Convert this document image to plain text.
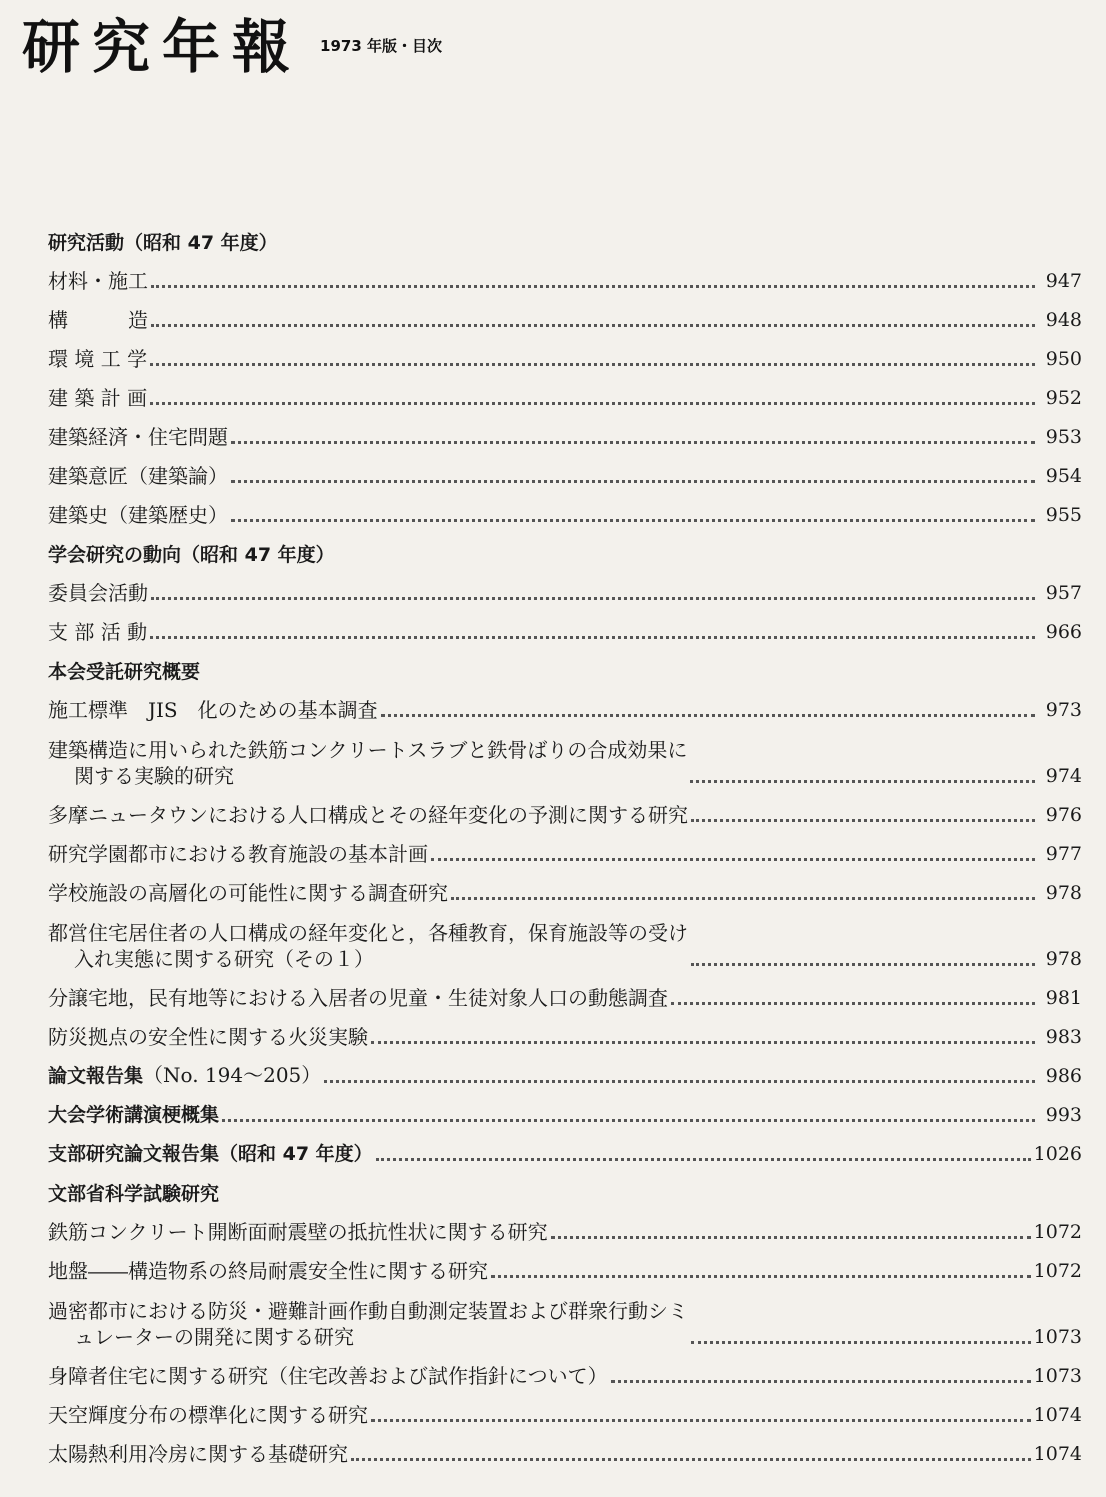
研究年報 1973 年版・目次
研究活動（昭和 47 年度）
材料・施工	947
構　　　造	948
環 境 工 学	950
建 築 計 画	952
建築経済・住宅問題	953
建築意匠（建築論）	954
建築史（建築歴史）	955
学会研究の動向（昭和 47 年度）
委員会活動	957
支 部 活 動	966
本会受託研究概要
施工標準　JIS　化のための基本調査	973
建築構造に用いられた鉄筋コンクリートスラブと鉄骨ばりの合成効果に
関する実験的研究	974
多摩ニュータウンにおける人口構成とその経年変化の予測に関する研究	976
研究学園都市における教育施設の基本計画	977
学校施設の高層化の可能性に関する調査研究	978
都営住宅居住者の人口構成の経年変化と，各種教育，保育施設等の受け
入れ実態に関する研究（その１）	978
分譲宅地，民有地等における入居者の児童・生徒対象人口の動態調査	981
防災拠点の安全性に関する火災実験	983
論文報告集（No. 194〜205）	986
大会学術講演梗概集	993
支部研究論文報告集（昭和 47 年度）	1026
文部省科学試験研究
鉄筋コンクリート開断面耐震壁の抵抗性状に関する研究	1072
地盤――構造物系の終局耐震安全性に関する研究	1072
過密都市における防災・避難計画作動自動測定装置および群衆行動シミ
ュレーターの開発に関する研究	1073
身障者住宅に関する研究（住宅改善および試作指針について）	1073
天空輝度分布の標準化に関する研究	1074
太陽熱利用冷房に関する基礎研究	1074
